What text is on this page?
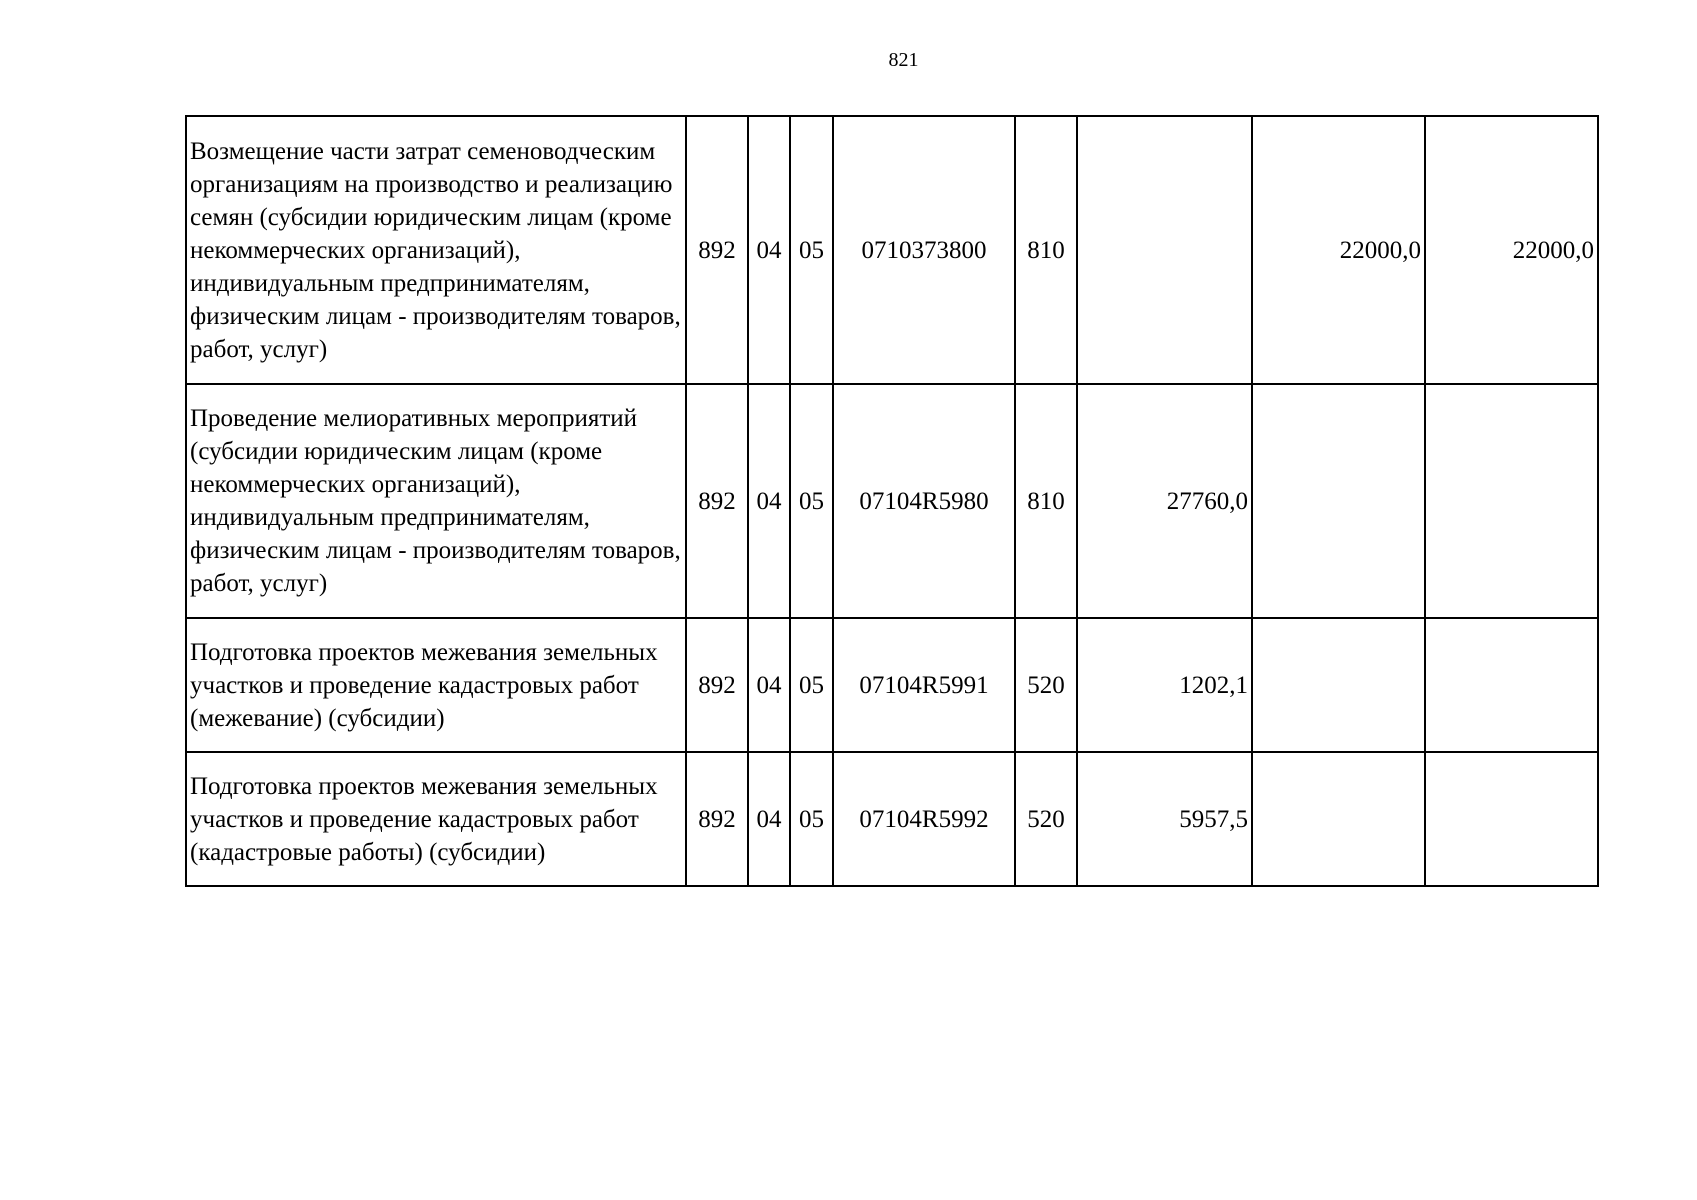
821
Возмещение части затрат семеноводческим организациям на производство и реализацию семян (субсидии юридическим лицам (кроме некоммерческих организаций), индивидуальным предпринимателям, физическим лицам - производителям товаров, работ, услуг)	892	04	05	0710373800	810		22000,0	22000,0
Проведение мелиоративных мероприятий (субсидии юридическим лицам (кроме некоммерческих организаций), индивидуальным предпринимателям, физическим лицам - производителям товаров, работ, услуг)	892	04	05	07104R5980	810	27760,0		
Подготовка проектов межевания земельных участков и проведение кадастровых работ (межевание) (субсидии)	892	04	05	07104R5991	520	1202,1		
Подготовка проектов межевания земельных участков и проведение кадастровых работ (кадастровые работы) (субсидии)	892	04	05	07104R5992	520	5957,5		
